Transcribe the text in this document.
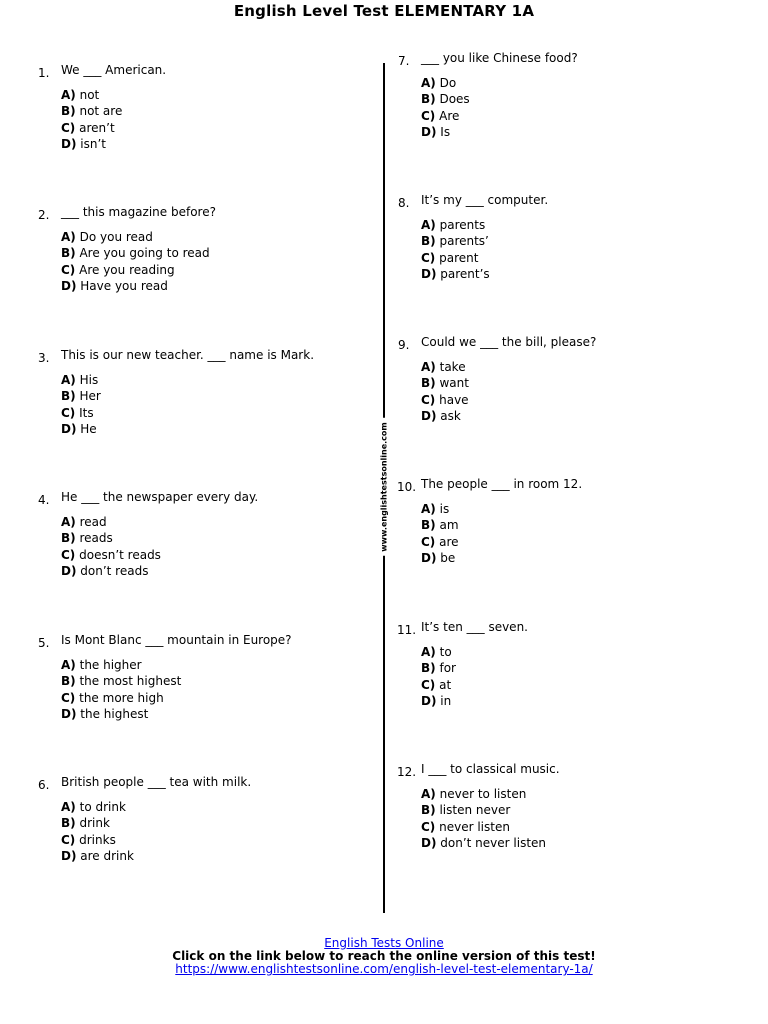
English Level Test ELEMENTARY 1A
www.englishtestsonline.com
1. We ___ American.
A) not
B) not are
C) aren’t
D) isn’t
2. ___ this magazine before?
A) Do you read
B) Are you going to read
C) Are you reading
D) Have you read
3. This is our new teacher. ___ name is Mark.
A) His
B) Her
C) Its
D) He
4. He ___ the newspaper every day.
A) read
B) reads
C) doesn’t reads
D) don’t reads
5. Is Mont Blanc ___ mountain in Europe?
A) the higher
B) the most highest
C) the more high
D) the highest
6. British people ___ tea with milk.
A) to drink
B) drink
C) drinks
D) are drink
7. ___ you like Chinese food?
A) Do
B) Does
C) Are
D) Is
8. It’s my ___ computer.
A) parents
B) parents’
C) parent
D) parent’s
9. Could we ___ the bill, please?
A) take
B) want
C) have
D) ask
10. The people ___ in room 12.
A) is
B) am
C) are
D) be
11. It’s ten ___ seven.
A) to
B) for
C) at
D) in
12. I ___ to classical music.
A) never to listen
B) listen never
C) never listen
D) don’t never listen
English Tests Online
Click on the link below to reach the online version of this test!
https://www.englishtestsonline.com/english-level-test-elementary-1a/
